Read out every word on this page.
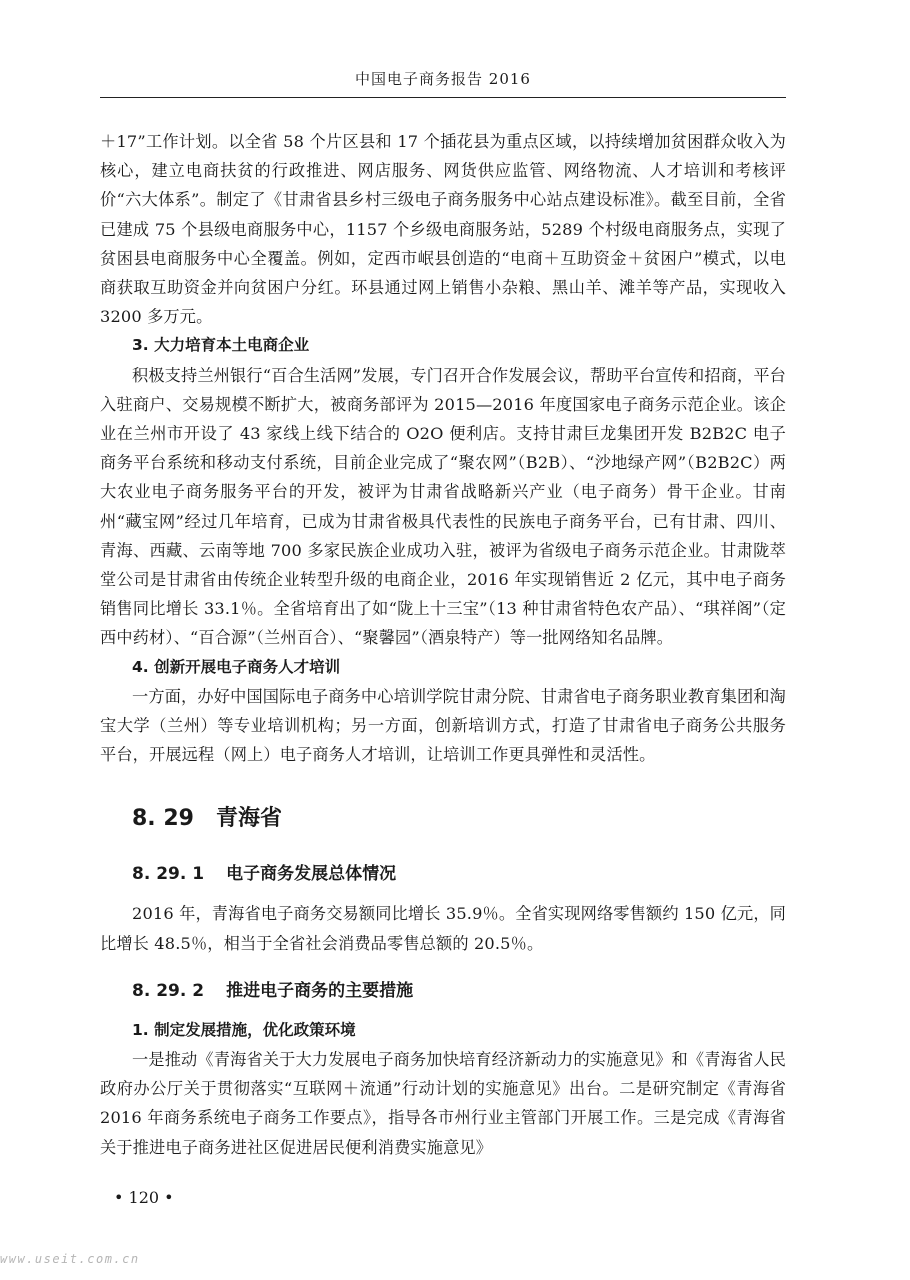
中国电子商务报告 2016

＋17”工作计划。以全省 58 个片区县和 17 个插花县为重点区域，以持续增加贫困群众收入为核心，建立电商扶贫的行政推进、网店服务、网货供应监管、网络物流、人才培训和考核评价“六大体系”。制定了《甘肃省县乡村三级电子商务服务中心站点建设标准》。截至目前，全省已建成 75 个县级电商服务中心，1157 个乡级电商服务站，5289 个村级电商服务点，实现了贫困县电商服务中心全覆盖。例如，定西市岷县创造的“电商＋互助资金＋贫困户”模式，以电商获取互助资金并向贫困户分红。环县通过网上销售小杂粮、黑山羊、滩羊等产品，实现收入 3200 多万元。

3. 大力培育本土电商企业

积极支持兰州银行“百合生活网”发展，专门召开合作发展会议，帮助平台宣传和招商，平台入驻商户、交易规模不断扩大，被商务部评为 2015—2016 年度国家电子商务示范企业。该企业在兰州市开设了 43 家线上线下结合的 O2O 便利店。支持甘肃巨龙集团开发 B2B2C 电子商务平台系统和移动支付系统，目前企业完成了“聚农网”（B2B）、“沙地绿产网”（B2B2C）两大农业电子商务服务平台的开发，被评为甘肃省战略新兴产业（电子商务）骨干企业。甘南州“藏宝网”经过几年培育，已成为甘肃省极具代表性的民族电子商务平台，已有甘肃、四川、青海、西藏、云南等地 700 多家民族企业成功入驻，被评为省级电子商务示范企业。甘肃陇萃堂公司是甘肃省由传统企业转型升级的电商企业，2016 年实现销售近 2 亿元，其中电子商务销售同比增长 33.1％。全省培育出了如“陇上十三宝”（13 种甘肃省特色农产品）、“琪祥阁”（定西中药材）、“百合源”（兰州百合）、“聚馨园”（酒泉特产）等一批网络知名品牌。

4. 创新开展电子商务人才培训

一方面，办好中国国际电子商务中心培训学院甘肃分院、甘肃省电子商务职业教育集团和淘宝大学（兰州）等专业培训机构；另一方面，创新培训方式，打造了甘肃省电子商务公共服务平台，开展远程（网上）电子商务人才培训，让培训工作更具弹性和灵活性。

8. 29 青海省
8. 29. 1 电子商务发展总体情况

2016 年，青海省电子商务交易额同比增长 35.9％。全省实现网络零售额约 150 亿元，同比增长 48.5％，相当于全省社会消费品零售总额的 20.5％。

8. 29. 2 推进电子商务的主要措施

1. 制定发展措施，优化政策环境

一是推动《青海省关于大力发展电子商务加快培育经济新动力的实施意见》和《青海省人民政府办公厅关于贯彻落实“互联网＋流通”行动计划的实施意见》出台。二是研究制定《青海省 2016 年商务系统电子商务工作要点》，指导各市州行业主管部门开展工作。三是完成《青海省关于推进电子商务进社区促进居民便利消费实施意见》

• 120 •
www.useit.com.cn
